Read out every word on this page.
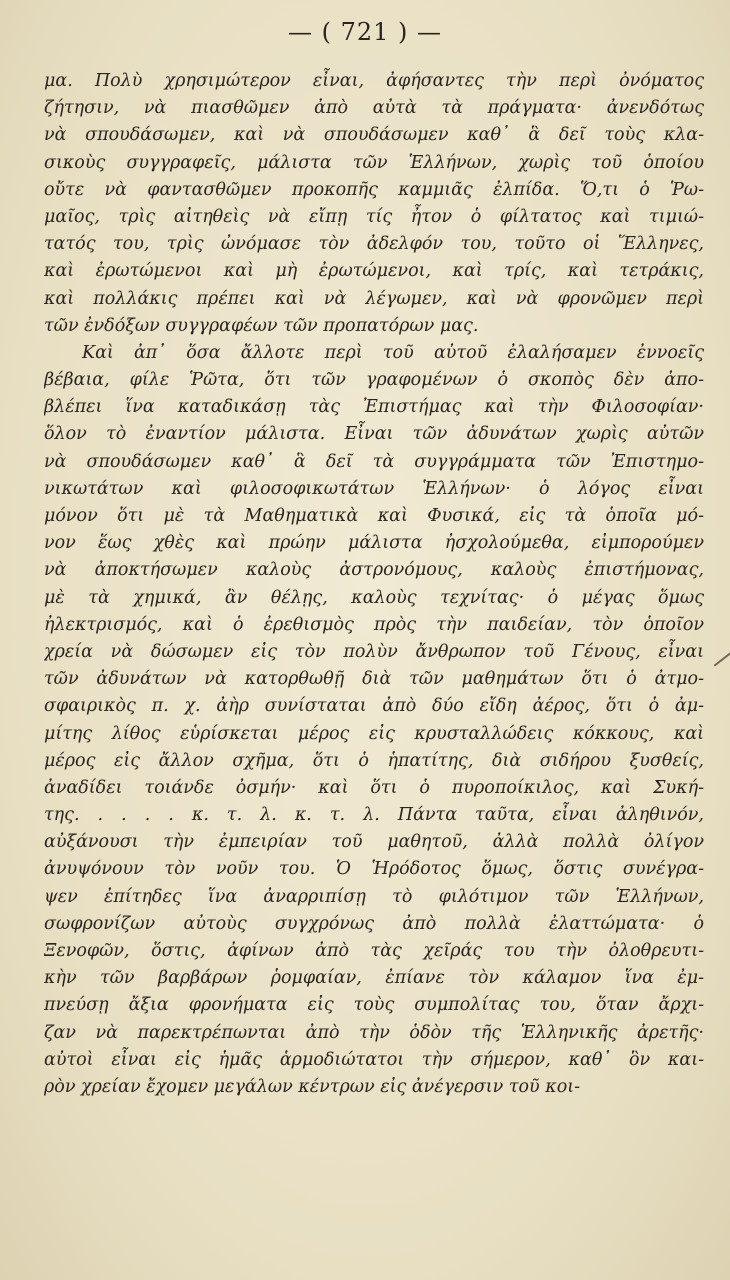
— ( 721 ) —
μα. Πολὺ χρησιμώτερον εἶναι, ἀφήσαντες τὴν περὶ ὀνόματος
ζήτησιν, νὰ πιασθῶμεν ἀπὸ αὐτὰ τὰ πράγματα· ἀνενδότως
νὰ σπουδάσωμεν, καὶ νὰ σπουδάσωμεν καθ᾽ ἃ δεῖ τοὺς κλα-
σικοὺς συγγραφεῖς, μάλιστα τῶν Ἑλλήνων, χωρὶς τοῦ ὁποίου
οὔτε νὰ φαντασθῶμεν προκοπῆς καμμιᾶς ἐλπίδα. Ὅ,τι ὁ Ῥω-
μαῖος, τρὶς αἰτηθεὶς νὰ εἴπῃ τίς ἦτον ὁ φίλτατος καὶ τιμιώ-
τατός του, τρὶς ὠνόμασε τὸν ἀδελφόν του, τοῦτο οἱ Ἕλληνες,
καὶ ἐρωτώμενοι καὶ μὴ ἐρωτώμενοι, καὶ τρίς, καὶ τετράκις,
καὶ πολλάκις πρέπει καὶ νὰ λέγωμεν, καὶ νὰ φρονῶμεν περὶ
τῶν ἐνδόξων συγγραφέων τῶν προπατόρων μας.
Καὶ ἀπ᾽ ὅσα ἄλλοτε περὶ τοῦ αὐτοῦ ἐλαλήσαμεν ἐννοεῖς
βέβαια, φίλε Ῥῶτα, ὅτι τῶν γραφομένων ὁ σκοπὸς δὲν ἀπο-
βλέπει ἵνα καταδικάσῃ τὰς Ἐπιστήμας καὶ τὴν Φιλοσοφίαν·
ὅλον τὸ ἐναντίον μάλιστα. Εἶναι τῶν ἀδυνάτων χωρὶς αὐτῶν
νὰ σπουδάσωμεν καθ᾽ ἃ δεῖ τὰ συγγράμματα τῶν Ἐπιστημο-
νικωτάτων καὶ φιλοσοφικωτάτων Ἑλλήνων· ὁ λόγος εἶναι
μόνον ὅτι μὲ τὰ Μαθηματικὰ καὶ Φυσικά, εἰς τὰ ὁποῖα μό-
νον ἕως χθὲς καὶ πρώην μάλιστα ἠσχολούμεθα, εἰμπορούμεν
νὰ ἀποκτήσωμεν καλοὺς ἀστρονόμους, καλοὺς ἐπιστήμονας,
μὲ τὰ χημικά, ἂν θέλῃς, καλοὺς τεχνίτας· ὁ μέγας ὅμως
ἠλεκτρισμός, καὶ ὁ ἐρεθισμὸς πρὸς τὴν παιδείαν, τὸν ὁποῖον
χρεία νὰ δώσωμεν εἰς τὸν πολὺν ἄνθρωπον τοῦ Γένους, εἶναι
τῶν ἀδυνάτων νὰ κατορθωθῇ διὰ τῶν μαθημάτων ὅτι ὁ ἀτμο-
σφαιρικὸς π. χ. ἀὴρ συνίσταται ἀπὸ δύο εἴδη ἀέρος, ὅτι ὁ ἀμ-
μίτης λίθος εὑρίσκεται μέρος εἰς κρυσταλλώδεις κόκκους, καὶ
μέρος εἰς ἄλλον σχῆμα, ὅτι ὁ ἡπατίτης, διὰ σιδήρου ξυσθείς,
ἀναδίδει τοιάνδε ὀσμήν· καὶ ὅτι ὁ πυροποίκιλος, καὶ Συκή-
της. . . . . κ. τ. λ. κ. τ. λ. Πάντα ταῦτα, εἶναι ἀληθινόν,
αὐξάνουσι τὴν ἐμπειρίαν τοῦ μαθητοῦ, ἀλλὰ πολλὰ ὀλίγον
ἀνυψόνουν τὸν νοῦν του. Ὁ Ἡρόδοτος ὅμως, ὅστις συνέγρα-
ψεν ἐπίτηδες ἵνα ἀναρριπίσῃ τὸ φιλότιμον τῶν Ἑλλήνων,
σωφρονίζων αὐτοὺς συγχρόνως ἀπὸ πολλὰ ἐλαττώματα· ὁ
Ξενοφῶν, ὅστις, ἀφίνων ἀπὸ τὰς χεῖράς του τὴν ὀλοθρευτι-
κὴν τῶν βαρβάρων ῥομφαίαν, ἐπίανε τὸν κάλαμον ἵνα ἐμ-
πνεύσῃ ἄξια φρονήματα εἰς τοὺς συμπολίτας του, ὅταν ἄρχι-
ζαν νὰ παρεκτρέπωνται ἀπὸ τὴν ὁδὸν τῆς Ἑλληνικῆς ἀρετῆς·
αὐτοὶ εἶναι εἰς ἡμᾶς ἁρμοδιώτατοι τὴν σήμερον, καθ᾽ ὃν και-
ρὸν χρείαν ἔχομεν μεγάλων κέντρων εἰς ἀνέγερσιν τοῦ κοι-
